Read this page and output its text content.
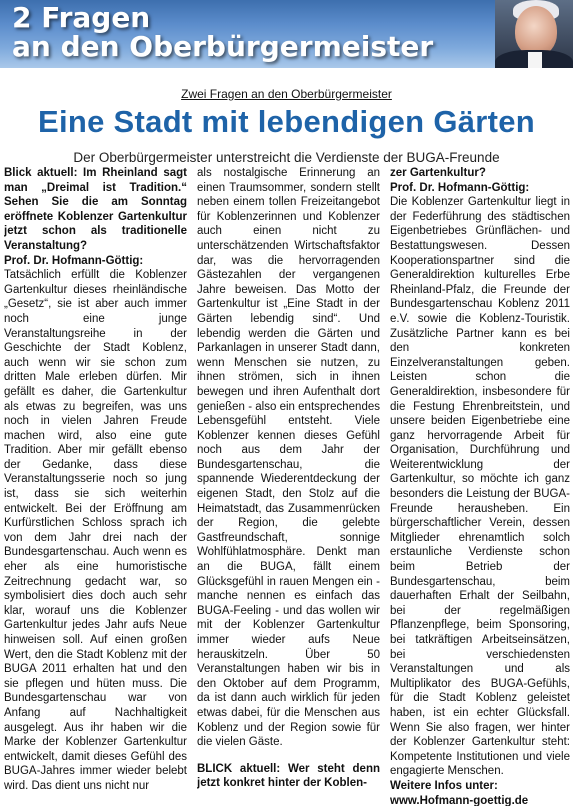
2 Fragen
an den Oberbürgermeister
Zwei Fragen an den Oberbürgermeister
Eine Stadt mit lebendigen Gärten
Der Oberbürgermeister unterstreicht die Verdienste der BUGA-Freunde

Blick aktuell: Im Rheinland sagt man „Dreimal ist Tradition.“ Sehen Sie die am Sonntag eröffnete Koblenzer Gartenkultur jetzt schon als traditionelle Veranstaltung?

Prof. Dr. Hofmann-Göttig:

Tatsächlich erfüllt die Koblenzer Gartenkultur dieses rheinländische „Gesetz“, sie ist aber auch immer noch eine junge Veranstaltungsreihe in der Geschichte der Stadt Koblenz, auch wenn wir sie schon zum dritten Male erleben dürfen. Mir gefällt es daher, die Gartenkultur als etwas zu begreifen, was uns noch in vielen Jahren Freude machen wird, also eine gute Tradition. Aber mir gefällt ebenso der Gedanke, dass diese Veranstaltungsserie noch so jung ist, dass sie sich weiterhin entwickelt. Bei der Eröffnung am Kurfürstlichen Schloss sprach ich von dem Jahr drei nach der Bundesgartenschau. Auch wenn es eher als eine humoristische Zeitrechnung gedacht war, so symbolisiert dies doch auch sehr klar, worauf uns die Koblenzer Gartenkultur jedes Jahr aufs Neue hinweisen soll. Auf einen großen Wert, den die Stadt Koblenz mit der BUGA 2011 erhalten hat und den sie pflegen und hüten muss. Die Bundesgartenschau war von Anfang auf Nachhaltigkeit ausgelegt. Aus ihr haben wir die Marke der Koblenzer Gartenkultur entwickelt, damit dieses Gefühl des BUGA-Jahres immer wieder belebt wird. Das dient uns nicht nur

als nostalgische Erinnerung an einen Traumsommer, sondern stellt neben einem tollen Freizeitangebot für Koblenzerinnen und Koblenzer auch einen nicht zu unterschätzenden Wirtschaftsfaktor dar, was die hervorragenden Gästezahlen der vergangenen Jahre beweisen. Das Motto der Gartenkultur ist „Eine Stadt in der Gärten lebendig sind“. Und lebendig werden die Gärten und Parkanlagen in unserer Stadt dann, wenn Menschen sie nutzen, zu ihnen strömen, sich in ihnen bewegen und ihren Aufenthalt dort genießen - also ein entsprechendes Lebensgefühl entsteht. Viele Koblenzer kennen dieses Gefühl noch aus dem Jahr der Bundesgartenschau, die spannende Wiederentdeckung der eigenen Stadt, den Stolz auf die Heimatstadt, das Zusammenrücken der Region, die gelebte Gastfreundschaft, sonnige Wohlfühlatmosphäre. Denkt man an die BUGA, fällt einem Glücksgefühl in rauen Mengen ein - manche nennen es einfach das BUGA-Feeling - und das wollen wir mit der Koblenzer Gartenkultur immer wieder aufs Neue herauskitzeln. Über 50 Veranstaltungen haben wir bis in den Oktober auf dem Programm, da ist dann auch wirklich für jeden etwas dabei, für die Menschen aus Koblenz und der Region sowie für die vielen Gäste.

BLICK aktuell: Wer steht denn jetzt konkret hinter der Koblen-

zer Gartenkultur?

Prof. Dr. Hofmann-Göttig:

Die Koblenzer Gartenkultur liegt in der Federführung des städtischen Eigenbetriebes Grünflächen- und Bestattungswesen. Dessen Kooperationspartner sind die Generaldirektion kulturelles Erbe Rheinland-Pfalz, die Freunde der Bundesgartenschau Koblenz 2011 e.V. sowie die Koblenz-Touristik. Zusätzliche Partner kann es bei den konkreten Einzelveranstaltungen geben. Leisten schon die Generaldirektion, insbesondere für die Festung Ehrenbreitstein, und unsere beiden Eigenbetriebe eine ganz hervorragende Arbeit für Organisation, Durchführung und Weiterentwicklung der Gartenkultur, so möchte ich ganz besonders die Leistung der BUGA-Freunde herausheben. Ein bürgerschaftlicher Verein, dessen Mitglieder ehrenamtlich solch erstaunliche Verdienste schon beim Betrieb der Bundesgartenschau, beim dauerhaften Erhalt der Seilbahn, bei der regelmäßigen Pflanzenpflege, beim Sponsoring, bei tatkräftigen Arbeitseinsätzen, bei verschiedensten Veranstaltungen und als Multiplikator des BUGA-Gefühls, für die Stadt Koblenz geleistet haben, ist ein echter Glücksfall. Wenn Sie also fragen, wer hinter der Koblenzer Gartenkultur steht: Kompetente Institutionen und viele engagierte Menschen.

Weitere Infos unter:

www.Hofmann-goettig.de
